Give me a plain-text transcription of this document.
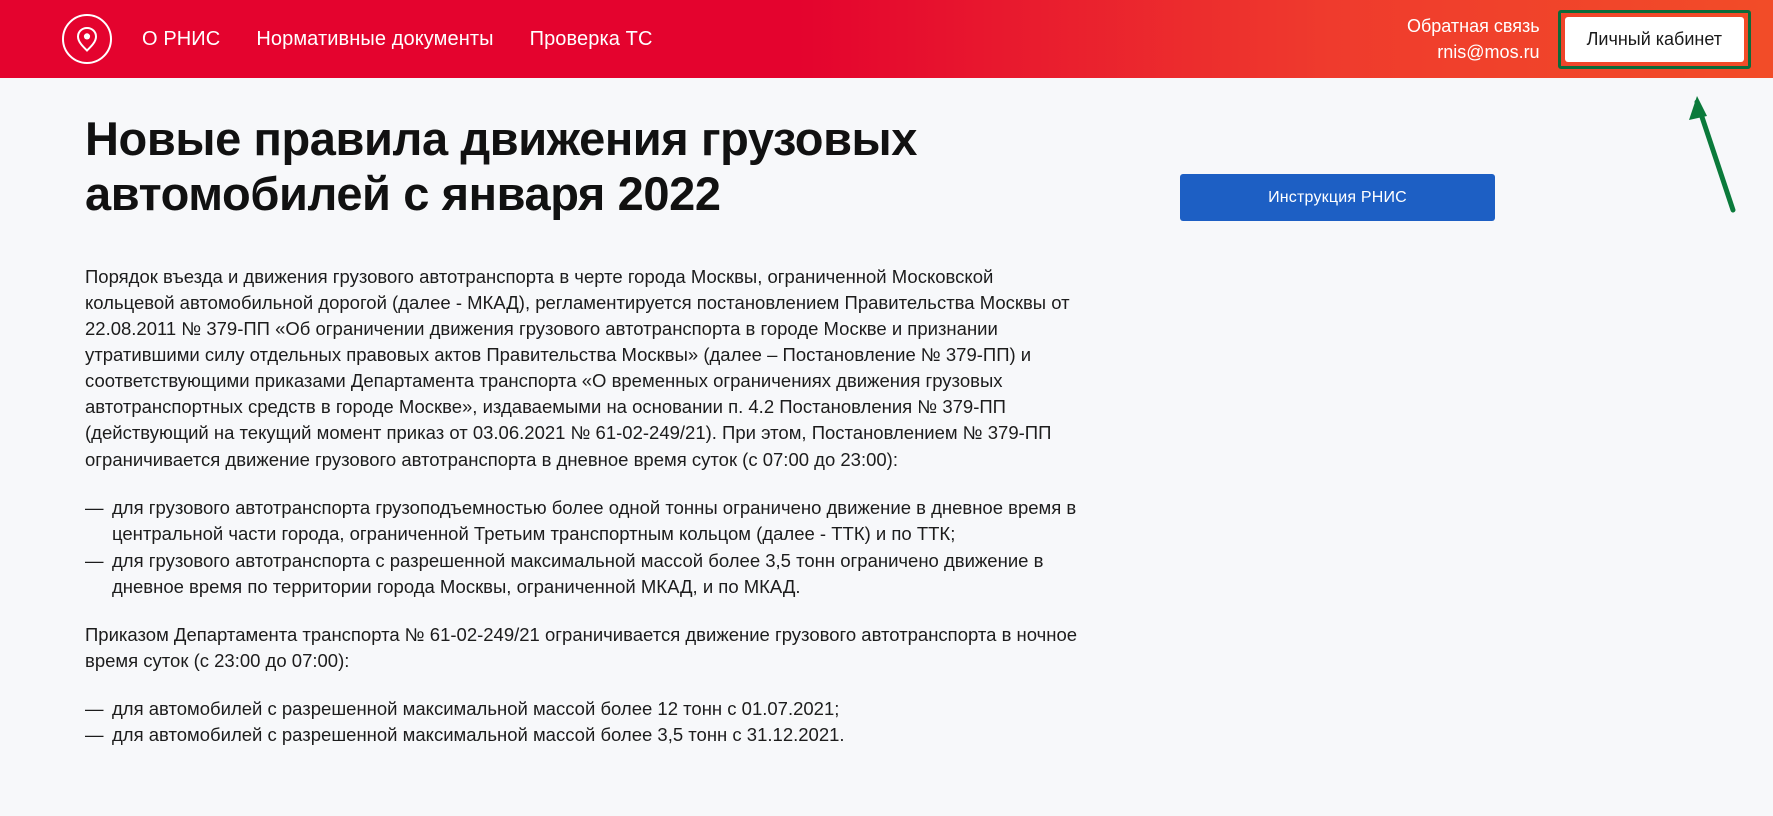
О РНИС Нормативные документы Проверка ТС
Обратная связь
rnis@mos.ru
Личный кабинет
Новые правила движения грузовых автомобилей с января 2022

Порядок въезда и движения грузового автотранспорта в черте города Москвы, ограниченной Московской кольцевой автомобильной дорогой (далее - МКАД), регламентируется постановлением Правительства Москвы от 22.08.2011 № 379-ПП «Об ограничении движения грузового автотранспорта в городе Москве и признании утратившими силу отдельных правовых актов Правительства Москвы» (далее – Постановление № 379-ПП) и соответствующими приказами Департамента транспорта «О временных ограничениях движения грузовых автотранспортных средств в городе Москве», издаваемыми на основании п. 4.2 Постановления № 379-ПП (действующий на текущий момент приказ от 03.06.2021 № 61-02-249/21). При этом, Постановлением № 379-ПП ограничивается движение грузового автотранспорта в дневное время суток (с 07:00 до 23:00):

— для грузового автотранспорта грузоподъемностью более одной тонны ограничено движение в дневное время в центральной части города, ограниченной Третьим транспортным кольцом (далее - ТТК) и по ТТК;
— для грузового автотранспорта с разрешенной максимальной массой более 3,5 тонн ограничено движение в дневное время по территории города Москвы, ограниченной МКАД, и по МКАД.

Приказом Департамента транспорта № 61-02-249/21 ограничивается движение грузового автотранспорта в ночное время суток (с 23:00 до 07:00):

— для автомобилей с разрешенной максимальной массой более 12 тонн с 01.07.2021;
— для автомобилей с разрешенной максимальной массой более 3,5 тонн с 31.12.2021.
Инструкция РНИС
